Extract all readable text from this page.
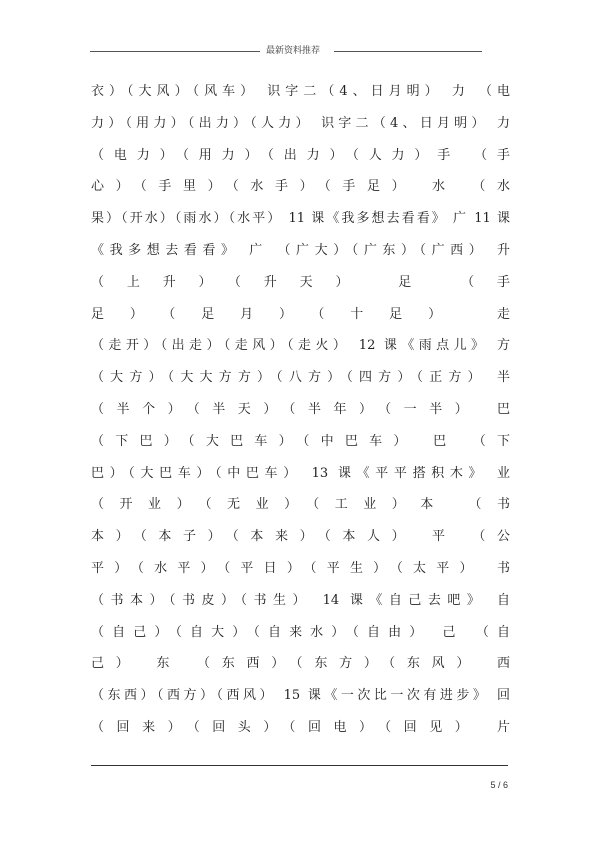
最新资料推荐
衣）（大风）（风车） 识字二（4、日月明） 力 （电
力）（用力）（出力）（人力） 识字二（4、日月明） 力
（电力）（用力）（出力）（人力）手 （手
心）（手里）（水手）（手足） 水 （水
果）（开水）（雨水）（水平） 11 课《我多想去看看》 广 11 课
《我多想去看看》 广 （广大）（广东）（广西） 升
（上升）（升天） 足 （手
足）（足月）（十足） 走
（走开）（出走）（走风）（走火） 12 课《雨点儿》 方
（大方）（大大方方）（八方）（四方）（正方） 半
（半个）（半天）（半年）（一半） 巴
（下巴）（大巴车）（中巴车） 巴 （下
巴）（大巴车）（中巴车） 13 课《平平搭积木》 业
（开业）（无业）（工业）本 （书
本）（本子）（本来）（本人） 平 （公
平）（水平）（平日）（平生）（太平） 书
（书本）（书皮）（书生） 14 课《自己去吧》 自
（自己）（自大）（自来水）（自由） 己 （自
己） 东 （东西）（东方）（东风） 西
（东西）（西方）（西风） 15 课《一次比一次有进步》 回
（回来）（回头）（回电）（回见） 片
5 / 6
